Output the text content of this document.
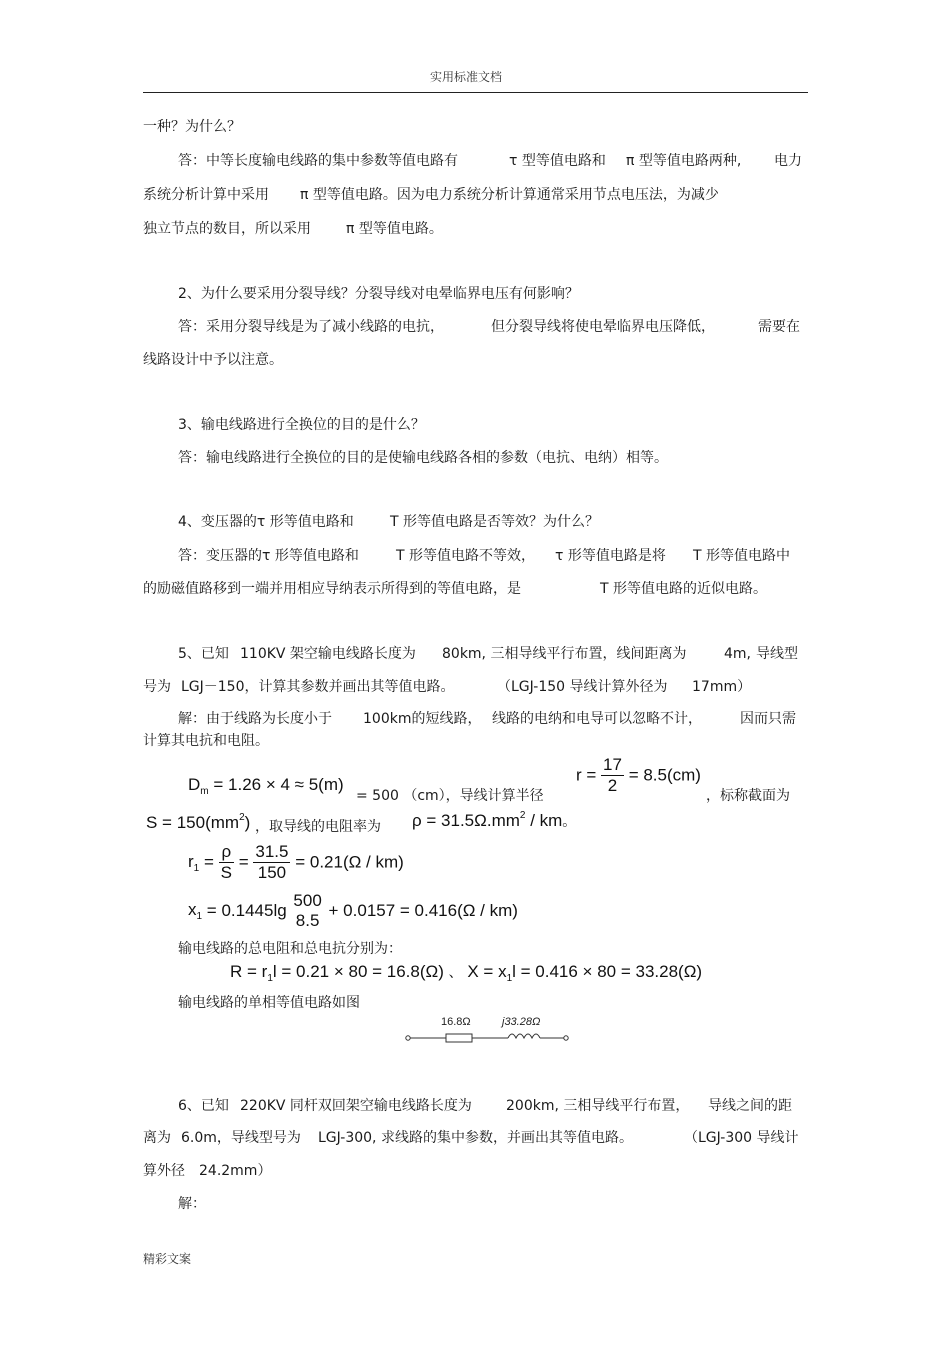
实用标准文档
一种？为什么？
答：中等长度输电线路的集中参数等值电路有	τ 型等值电路和 π 型等值电路两种, 电力
系统分析计算中采用 π 型等值电路。因为电力系统分析计算通常采用节点电压法，为减少
独立节点的数目，所以采用	π 型等值电路。
2、为什么要采用分裂导线？分裂导线对电晕临界电压有何影响？
答：采用分裂导线是为了减小线路的电抗，	但分裂导线将使电晕临界电压降低，	需要在
线路设计中予以注意。
3、输电线路进行全换位的目的是什么？
答：输电线路进行全换位的目的是使输电线路各相的参数（电抗、电纳）相等。
4、变压器的τ 形等值电路和	T 形等值电路是否等效？为什么？
答：变压器的τ 形等值电路和	T 形等值电路不等效， τ 形等值电路是将 T 形等值电路中
的励磁值路移到一端并用相应导纳表示所得到的等值电路，是	T 形等值电路的近似电路。
5、已知 110KV 架空输电线路长度为 80km, 三相导线平行布置，线间距离为	4m, 导线型
号为 LGJ－150，计算其参数并画出其等值电路。	（LGJ-150 导线计算外径为 17mm）
解：由于线路为长度小于 100km的短线路， 线路的电纳和电导可以忽略不计，	因而只需
计算其电抗和电阻。
$D_m = 1.26 \times 4 \approx 5(m)$
= 500 （cm），导线计算半径
$r = \frac{17}{2} = 8.5(cm)$
，标称截面为
$S = 150(mm^2)$ ，取导线的电阻率为 $\rho = 31.5\Omega.mm^2$ / km。
$r_1 = \frac{\rho}{S} = \frac{31.5}{150} = 0.21(\Omega / km)$
$x_1 = 0.1445\lg$
500
8.5
+ 0.0157 = 0.416(Ω / km)
输电线路的总电阻和总电抗分别为：
$R = r_1l = 0.21 \times 80 = 16.8(\Omega)$ 、 $X = x_1l = 0.416 \times 80 = 33.28(\Omega)$
输电线路的单相等值电路如图
16.8Ω	j33.28Ω
6、已知 220KV 同杆双回架空输电线路长度为 200km, 三相导线平行布置， 导线之间的距
离为 6.0m，导线型号为 LGJ-300, 求线路的集中参数，并画出其等值电路。	（LGJ-300 导线计
算外径 24.2mm）
解：
精彩文案
